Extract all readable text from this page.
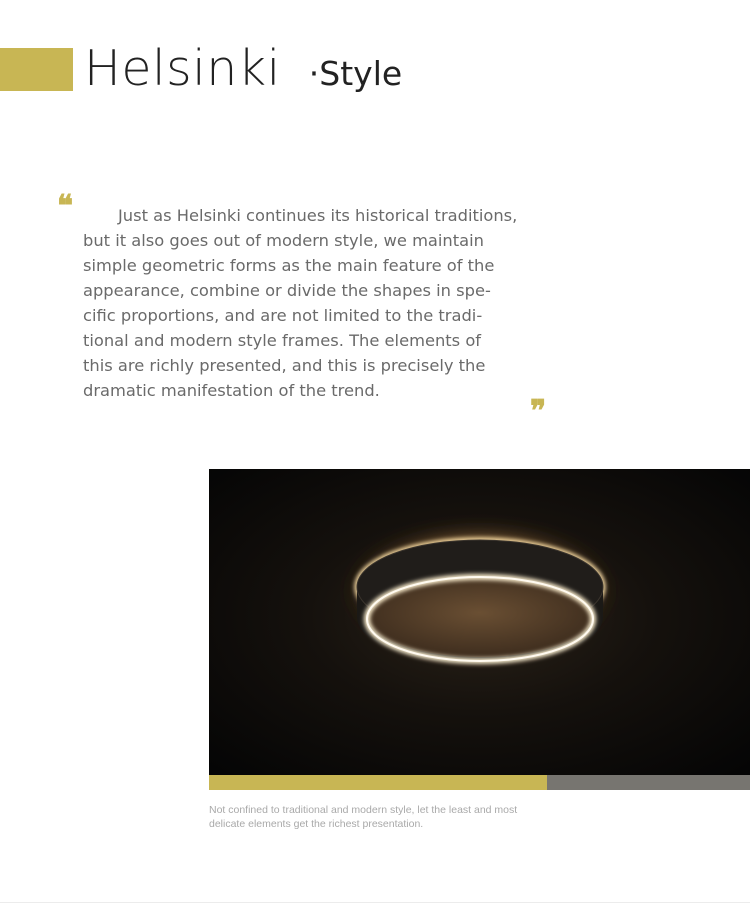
Helsinki ·Style
❝	Just as Helsinki continues its historical traditions,
but it also goes out of modern style, we maintain
simple geometric forms as the main feature of the
appearance, combine or divide the shapes in spe-
cific proportions, and are not limited to the tradi-
tional and modern style frames. The elements of
this are richly presented, and this is precisely the
dramatic manifestation of the trend.

❞

Not confined to traditional and modern style, let the least and most
delicate elements get the richest presentation.
